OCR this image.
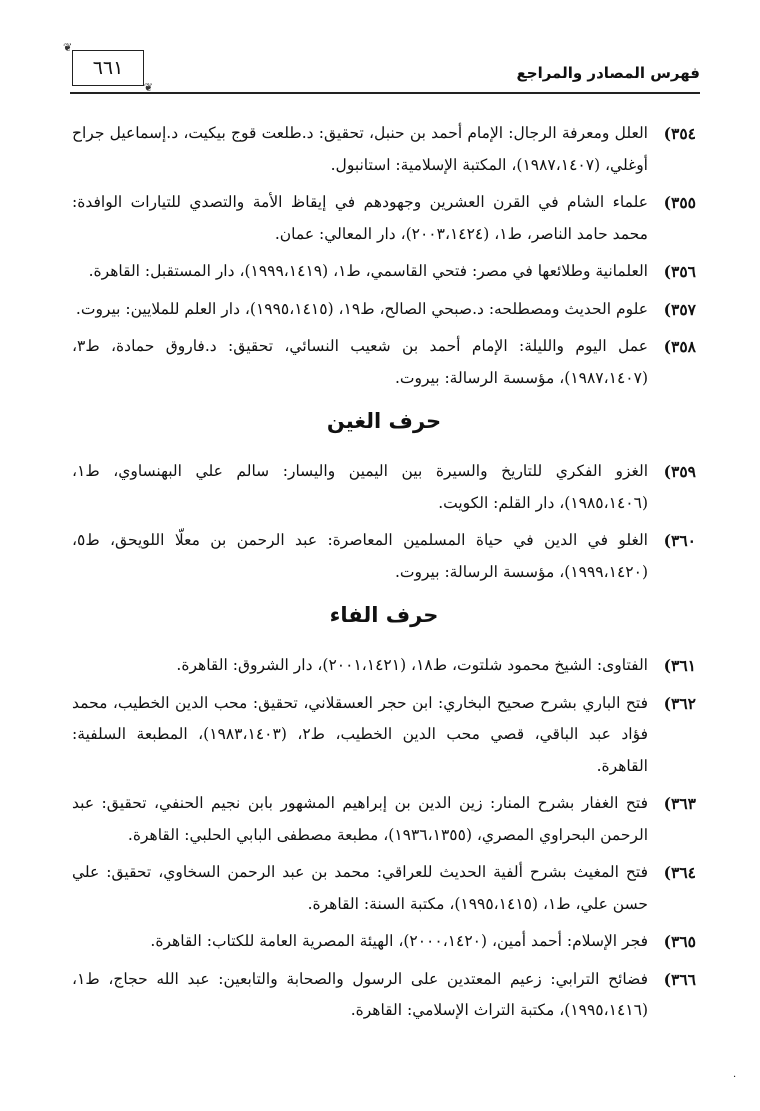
فهرس المصادر والمراجع
❦
٦٦١
❦
٣٥٤)
العلل ومعرفة الرجال: الإمام أحمد بن حنبل، تحقيق: د.طلعت قوج بيكيت، د.إسماعيل جراح أوغلي، (١٩٨٧،١٤٠٧)، المكتبة الإسلامية: استانبول.
٣٥٥)
علماء الشام في القرن العشرين وجهودهم في إيقاظ الأمة والتصدي للتيارات الوافدة: محمد حامد الناصر، ط١، (٢٠٠٣،١٤٢٤)، دار المعالي: عمان.
٣٥٦)
العلمانية وطلائعها في مصر: فتحي القاسمي، ط١، (١٩٩٩،١٤١٩)، دار المستقبل: القاهرة.
٣٥٧)
علوم الحديث ومصطلحه: د.صبحي الصالح، ط١٩، (١٩٩٥،١٤١٥)، دار العلم للملايين: بيروت.
٣٥٨)
عمل اليوم والليلة: الإمام أحمد بن شعيب النسائي، تحقيق: د.فاروق حمادة، ط٣، (١٩٨٧،١٤٠٧)، مؤسسة الرسالة: بيروت.
حرف الغين
٣٥٩)
الغزو الفكري للتاريخ والسيرة بين اليمين واليسار: سالم علي البهنساوي، ط١، (١٩٨٥،١٤٠٦)، دار القلم: الكويت.
٣٦٠)
الغلو في الدين في حياة المسلمين المعاصرة: عبد الرحمن بن معلّا اللويحق، ط٥، (١٩٩٩،١٤٢٠)، مؤسسة الرسالة: بيروت.
حرف الفاء
٣٦١)
الفتاوى: الشيخ محمود شلتوت، ط١٨، (٢٠٠١،١٤٢١)، دار الشروق: القاهرة.
٣٦٢)
فتح الباري بشرح صحيح البخاري: ابن حجر العسقلاني، تحقيق: محب الدين الخطيب، محمد فؤاد عبد الباقي، قصي محب الدين الخطيب، ط٢، (١٩٨٣،١٤٠٣)، المطبعة السلفية: القاهرة.
٣٦٣)
فتح الغفار بشرح المنار: زين الدين بن إبراهيم المشهور بابن نجيم الحنفي، تحقيق: عبد الرحمن البحراوي المصري، (١٩٣٦،١٣٥٥)، مطبعة مصطفى البابي الحلبي: القاهرة.
٣٦٤)
فتح المغيث بشرح ألفية الحديث للعراقي: محمد بن عبد الرحمن السخاوي، تحقيق: علي حسن علي، ط١، (١٩٩٥،١٤١٥)، مكتبة السنة: القاهرة.
٣٦٥)
فجر الإسلام: أحمد أمين، (٢٠٠٠،١٤٢٠)، الهيئة المصرية العامة للكتاب: القاهرة.
٣٦٦)
فضائح الترابي: زعيم المعتدين على الرسول والصحابة والتابعين: عبد الله حجاج، ط١، (١٩٩٥،١٤١٦)، مكتبة التراث الإسلامي: القاهرة.
·
